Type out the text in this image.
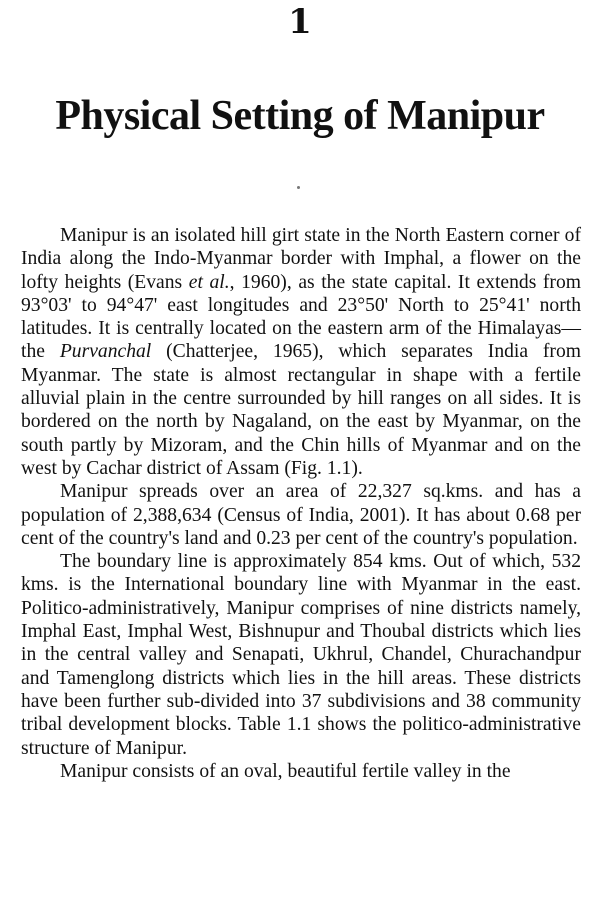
1
Physical Setting of Manipur

Manipur is an isolated hill girt state in the North Eastern corner of India along the Indo-Myanmar border with Imphal, a flower on the lofty heights (Evans et al., 1960), as the state capital. It extends from 93°03' to 94°47' east longitudes and 23°50' North to 25°41' north latitudes. It is centrally located on the eastern arm of the Himalayas—the Purvanchal (Chatterjee, 1965), which separates India from Myanmar. The state is almost rectangular in shape with a fertile alluvial plain in the centre surrounded by hill ranges on all sides. It is bordered on the north by Nagaland, on the east by Myanmar, on the south partly by Mizoram, and the Chin hills of Myanmar and on the west by Cachar district of Assam (Fig. 1.1).

Manipur spreads over an area of 22,327 sq.kms. and has a population of 2,388,634 (Census of India, 2001). It has about 0.68 per cent of the country's land and 0.23 per cent of the country's population.

The boundary line is approximately 854 kms. Out of which, 532 kms. is the International boundary line with Myanmar in the east. Politico-administratively, Manipur comprises of nine districts namely, Imphal East, Imphal West, Bishnupur and Thoubal districts which lies in the central valley and Senapati, Ukhrul, Chandel, Churachandpur and Tamenglong districts which lies in the hill areas. These districts have been further sub-divided into 37 subdivisions and 38 community tribal development blocks. Table 1.1 shows the politico-administrative structure of Manipur.

Manipur consists of an oval, beautiful fertile valley in the
